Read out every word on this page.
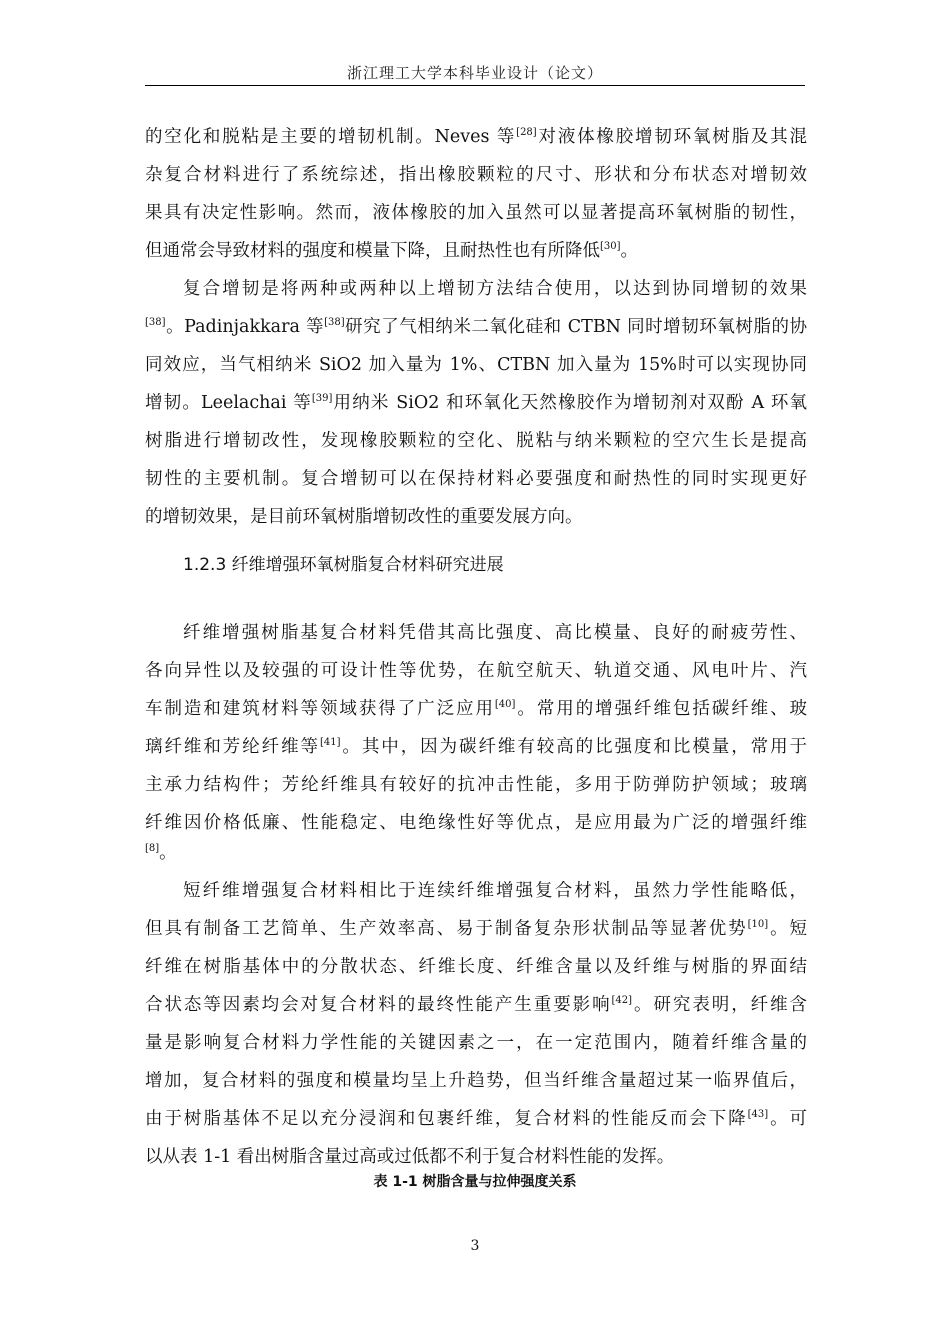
浙江理工大学本科毕业设计（论文）
的空化和脱粘是主要的增韧机制。Neves 等[28]对液体橡胶增韧环氧树脂及其混
杂复合材料进行了系统综述，指出橡胶颗粒的尺寸、形状和分布状态对增韧效
果具有决定性影响。然而，液体橡胶的加入虽然可以显著提高环氧树脂的韧性，
但通常会导致材料的强度和模量下降，且耐热性也有所降低[30]。
复合增韧是将两种或两种以上增韧方法结合使用，以达到协同增韧的效果
[38]。Padinjakkara 等[38]研究了气相纳米二氧化硅和 CTBN 同时增韧环氧树脂的协
同效应，当气相纳米 SiO2 加入量为 1%、CTBN 加入量为 15%时可以实现协同
增韧。Leelachai 等[39]用纳米 SiO2 和环氧化天然橡胶作为增韧剂对双酚 A 环氧
树脂进行增韧改性，发现橡胶颗粒的空化、脱粘与纳米颗粒的空穴生长是提高
韧性的主要机制。复合增韧可以在保持材料必要强度和耐热性的同时实现更好
的增韧效果，是目前环氧树脂增韧改性的重要发展方向。
1.2.3 纤维增强环氧树脂复合材料研究进展
纤维增强树脂基复合材料凭借其高比强度、高比模量、良好的耐疲劳性、
各向异性以及较强的可设计性等优势，在航空航天、轨道交通、风电叶片、汽
车制造和建筑材料等领域获得了广泛应用[40]。常用的增强纤维包括碳纤维、玻
璃纤维和芳纶纤维等[41]。其中，因为碳纤维有较高的比强度和比模量，常用于
主承力结构件；芳纶纤维具有较好的抗冲击性能，多用于防弹防护领域；玻璃
纤维因价格低廉、性能稳定、电绝缘性好等优点，是应用最为广泛的增强纤维
[8]。
短纤维增强复合材料相比于连续纤维增强复合材料，虽然力学性能略低，
但具有制备工艺简单、生产效率高、易于制备复杂形状制品等显著优势[10]。短
纤维在树脂基体中的分散状态、纤维长度、纤维含量以及纤维与树脂的界面结
合状态等因素均会对复合材料的最终性能产生重要影响[42]。研究表明，纤维含
量是影响复合材料力学性能的关键因素之一，在一定范围内，随着纤维含量的
增加，复合材料的强度和模量均呈上升趋势，但当纤维含量超过某一临界值后，
由于树脂基体不足以充分浸润和包裹纤维，复合材料的性能反而会下降[43]。可
以从表 1-1 看出树脂含量过高或过低都不利于复合材料性能的发挥。
表 1-1 树脂含量与拉伸强度关系
3
